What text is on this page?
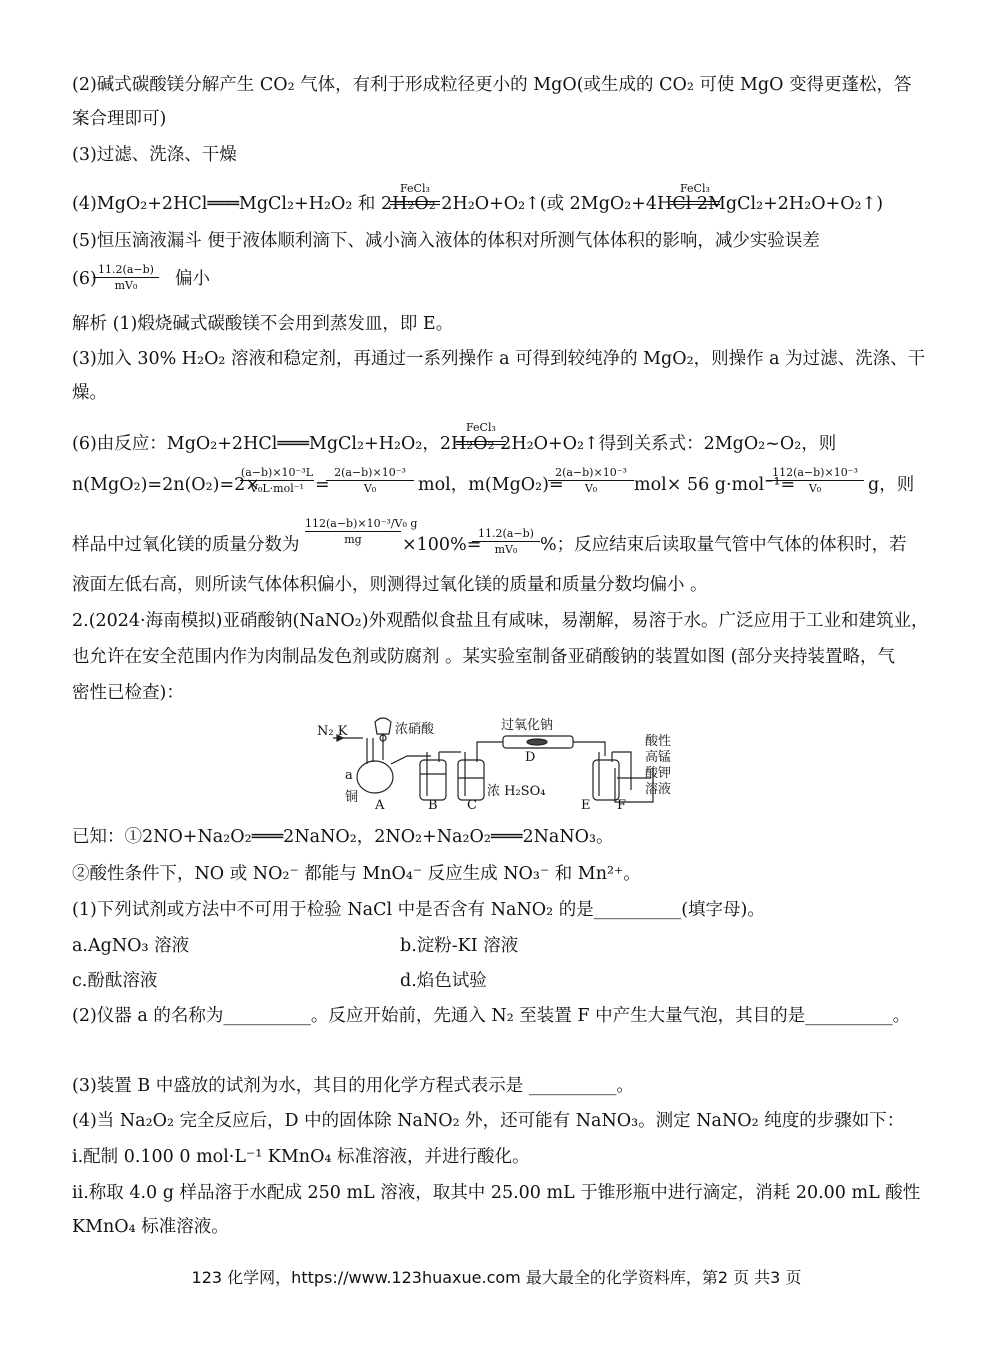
(2)碱式碳酸镁分解产生 CO₂ 气体，有利于形成粒径更小的 MgO(或生成的 CO₂ 可使 MgO 变得更蓬松，答
案合理即可)
(3)过滤、洗涤、干燥
(4)MgO₂+2HCl═══MgCl₂+H₂O₂ 和 2H₂O₂ 2H₂O+O₂↑(或 2MgO₂+4HCl 2MgCl₂+2H₂O+O₂↑)
FeCl₃	FeCl₃
(5)恒压滴液漏斗 便于液体顺利滴下、减小滴入液体的体积对所测气体体积的影响，减少实验误差
(6) 11.2(a−b)
mV₀	偏小
解析 (1)煅烧碱式碳酸镁不会用到蒸发皿，即 E。
(3)加入 30% H₂O₂ 溶液和稳定剂，再通过一系列操作 a 可得到较纯净的 MgO₂，则操作 a 为过滤、洗涤、干
燥。
(6)由反应：MgO₂+2HCl═══MgCl₂+H₂O₂，2H₂O₂ 2H₂O+O₂↑得到关系式：2MgO₂~O₂，则
FeCl₃
n(MgO₂)=2n(O₂)=2×
(a−b)×10⁻³L
V₀L·mol⁻¹ =
2(a−b)×10⁻³
V₀	mol，m(MgO₂)=
2(a−b)×10⁻³
V₀	mol× 56 g·mol⁻¹=
112(a−b)×10⁻³
V₀	g，则
样品中过氧化镁的质量分数为
112(a−b)×10⁻³/V₀ g
mg	×100%=
11.2(a−b)
mV₀	%；反应结束后读取量气管中气体的体积时，若
液面左低右高，则所读气体体积偏小，则测得过氧化镁的质量和质量分数均偏小 。
2.(2024·海南模拟)亚硝酸钠(NaNO₂)外观酷似食盐且有咸味，易潮解，易溶于水。广泛应用于工业和建筑业，
也允许在安全范围内作为肉制品发色剂或防腐剂 。某实验室制备亚硝酸钠的装置如图 (部分夹持装置略，气
密性已检查)：
N₂ K	浓硝酸
a
铜
过氧化钠
D
浓 H₂SO₄
酸性
高锰
酸钾
溶液
A	B C	E F
已知：①2NO+Na₂O₂═══2NaNO₂，2NO₂+Na₂O₂═══2NaNO₃。
②酸性条件下，NO 或 NO₂⁻ 都能与 MnO₄⁻ 反应生成 NO₃⁻ 和 Mn²⁺。
(1)下列试剂或方法中不可用于检验 NaCl 中是否含有 NaNO₂ 的是__________(填字母)。
a.AgNO₃ 溶液	b.淀粉-KI 溶液
c.酚酞溶液	d.焰色试验
(2)仪器 a 的名称为__________。反应开始前，先通入 N₂ 至装置 F 中产生大量气泡，其目的是__________。
(3)装置 B 中盛放的试剂为水，其目的用化学方程式表示是 __________。
(4)当 Na₂O₂ 完全反应后，D 中的固体除 NaNO₂ 外，还可能有 NaNO₃。测定 NaNO₂ 纯度的步骤如下：
ⅰ.配制 0.100 0 mol·L⁻¹ KMnO₄ 标准溶液，并进行酸化。
ⅱ.称取 4.0 g 样品溶于水配成 250 mL 溶液，取其中 25.00 mL 于锥形瓶中进行滴定，消耗 20.00 mL 酸性
KMnO₄ 标准溶液。
123 化学网，https://www.123huaxue.com 最大最全的化学资料库，第2 页 共3 页
